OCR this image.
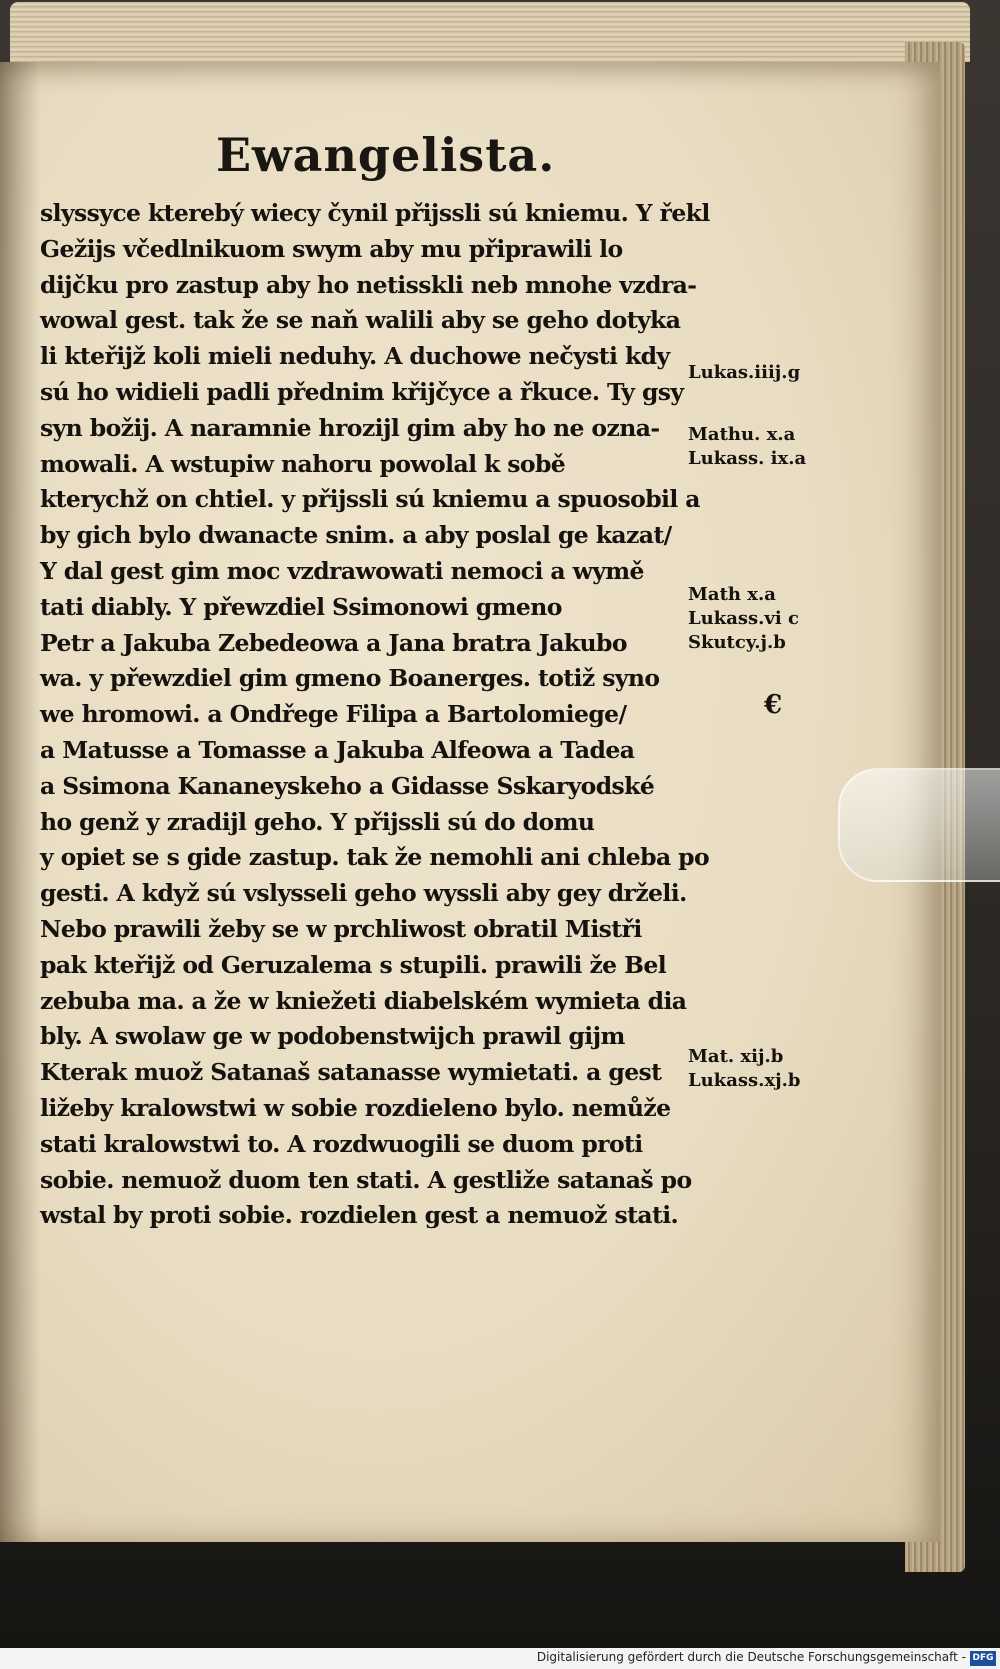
Ewangelista.
slyssyce kterebý wiecy čynil přijssli sú kniemu. Y řekl
Gežijs včedlnikuom swym aby mu připrawili lo
dijčku pro zastup aby ho netisskli neb mnohe vzdra-
wowal gest. tak že se naň walili aby se geho dotyka
li kteřijž koli mieli neduhy. A duchowe nečysti kdy
sú ho widieli padli přednim křijčyce a řkuce. Ty gsy
syn božij. A naramnie hrozijl gim aby ho ne ozna-
mowali. A wstupiw nahoru powolal k sobě
kterychž on chtiel. y přijssli sú kniemu a spuosobil a
by gich bylo dwanacte snim. a aby poslal ge kazat/
Y dal gest gim moc vzdrawowati nemoci a wymě
tati diably. Y přewzdiel Ssimonowi gmeno
Petr a Jakuba Zebedeowa a Jana bratra Jakubo
wa. y přewzdiel gim gmeno Boanerges. totiž syno
we hromowi. a Ondřege Filipa a Bartolomiege/
a Matusse a Tomasse a Jakuba Alfeowa a Tadea
a Ssimona Kananeyskeho a Gidasse Sskaryodské
ho genž y zradijl geho. Y přijssli sú do domu
y opiet se s gide zastup. tak že nemohli ani chleba po
gesti. A když sú vslysseli geho wyssli aby gey drželi.
Nebo prawili žeby se w prchliwost obratil Mistři
pak kteřijž od Geruzalema s stupili. prawili že Bel
zebuba ma. a že w kniežeti diabelském wymieta dia
bly. A swolaw ge w podobenstwijch prawil gijm
Kterak muož Satanaš satanasse wymietati. a gest
ližeby kralowstwi w sobie rozdieleno bylo. nemůže
stati kralowstwi to. A rozdwuogili se duom proti
sobie. nemuož duom ten stati. A gestliže satanaš po
wstal by proti sobie. rozdielen gest a nemuož stati.
Lukas.iiij.g
Mathu. x.a
Lukass. ix.a
Math x.a
Lukass.vi c
Skutcy.j.b
Mat. xij.b
Lukass.xj.b
€
Digitalisierung gefördert durch die Deutsche Forschungsgemeinschaft - DFG
